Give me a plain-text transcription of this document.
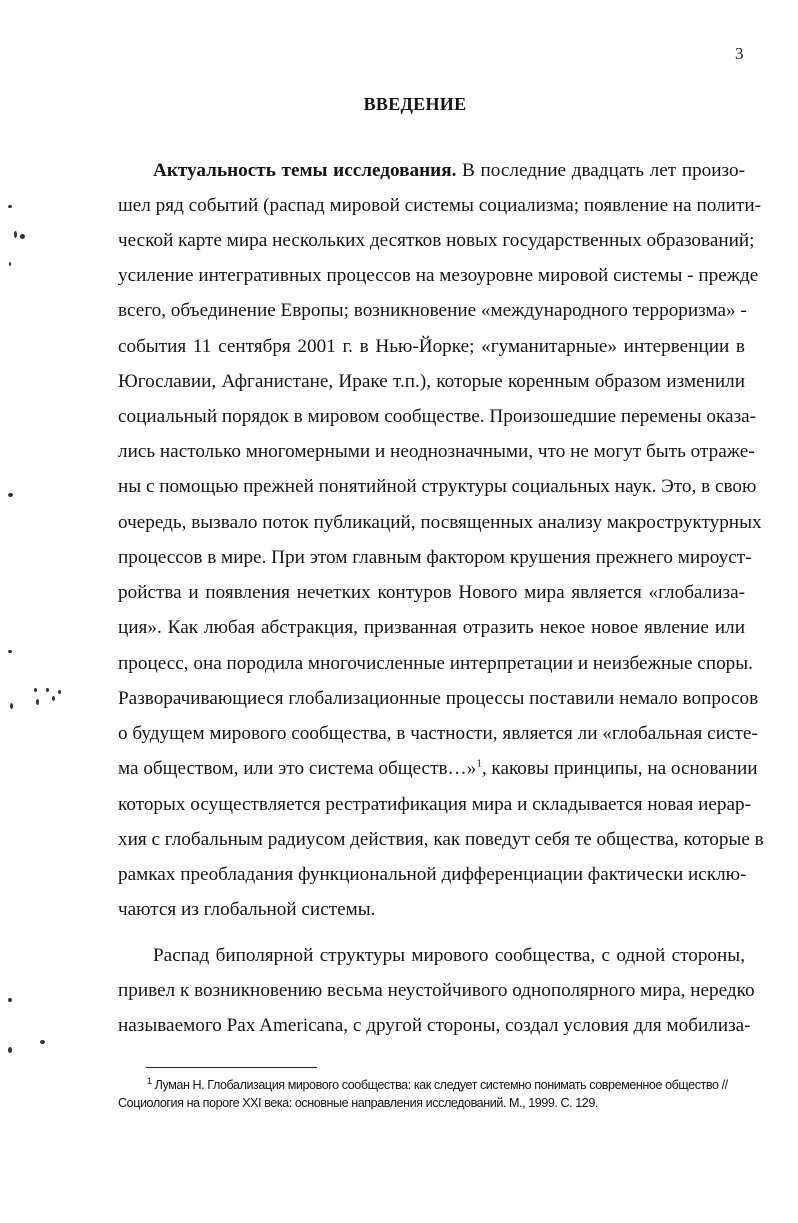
3
ВВЕДЕНИЕ
Актуальность темы исследования. В последние двадцать лет произо-
шел ряд событий (распад мировой системы социализма; появление на полити-
ческой карте мира нескольких десятков новых государственных образований;
усиление интегративных процессов на мезоуровне мировой системы - прежде
всего, объединение Европы; возникновение «международного терроризма» -
события 11 сентября 2001 г. в Нью-Йорке; «гуманитарные» интервенции в
Югославии, Афганистане, Ираке т.п.), которые коренным образом изменили
социальный порядок в мировом сообществе. Произошедшие перемены оказа-
лись настолько многомерными и неоднозначными, что не могут быть отраже-
ны с помощью прежней понятийной структуры социальных наук. Это, в свою
очередь, вызвало поток публикаций, посвященных анализу макроструктурных
процессов в мире. При этом главным фактором крушения прежнего мироуст-
ройства и появления нечетких контуров Нового мира является «глобализа-
ция». Как любая абстракция, призванная отразить некое новое явление или
процесс, она породила многочисленные интерпретации и неизбежные споры.
Разворачивающиеся глобализационные процессы поставили немало вопросов
о будущем мирового сообщества, в частности, является ли «глобальная систе-
ма обществом, или это система обществ…»$^1$, каковы принципы, на основании
которых осуществляется рестратификация мира и складывается новая иерар-
хия с глобальным радиусом действия, как поведут себя те общества, которые в
рамках преобладания функциональной дифференциации фактически исклю-
чаются из глобальной системы.
Распад биполярной структуры мирового сообщества, с одной стороны,
привел к возникновению весьма неустойчивого однополярного мира, нередко
называемого Pax Americana, с другой стороны, создал условия для мобилиза-
$^1$ Луман Н. Глобализация мирового сообщества: как следует системно понимать современное общество //
Социология на пороге XXI века: основные направления исследований. М., 1999. С. 129.
